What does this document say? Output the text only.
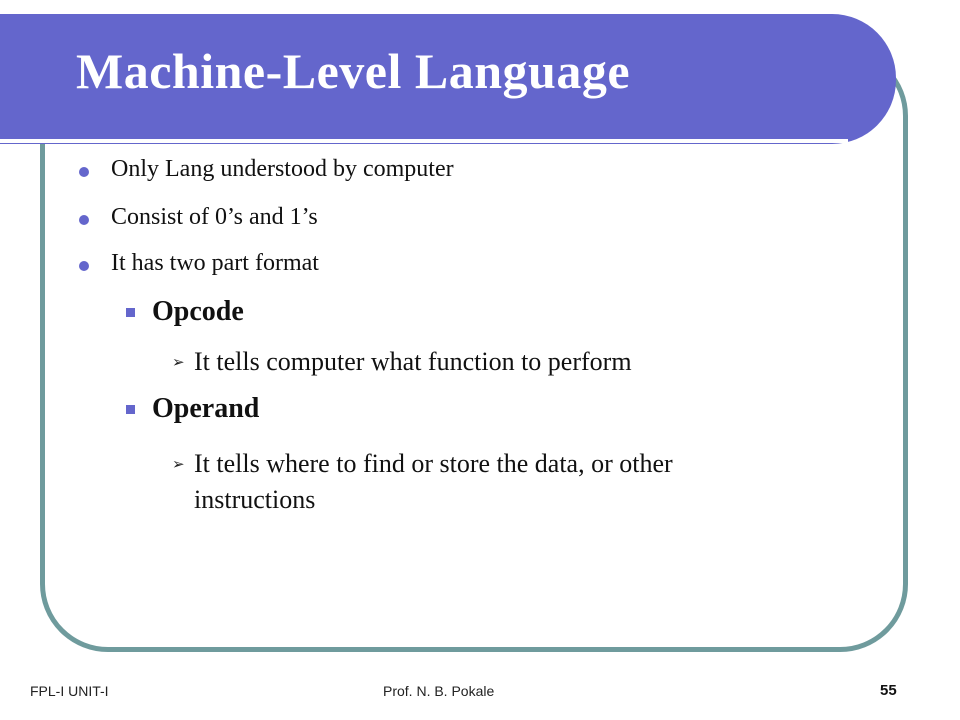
Machine-Level Language
Only Lang understood by computer
Consist of 0’s and 1’s
It has two part format
Opcode
➢ It tells computer what function to perform
Operand
➢ It tells where to find or store the data, or other instructions
FPL-I UNIT-I	Prof. N. B. Pokale	55
